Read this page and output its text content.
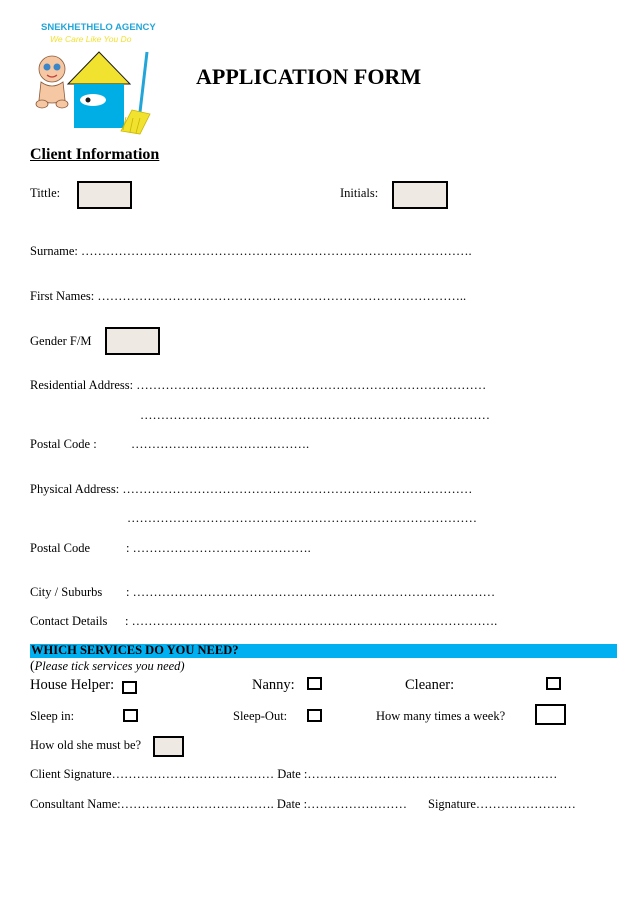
SNEKHETHELO AGENCY
We Care Like You Do
APPLICATION FORM
Client Information
Tittle:	Initials:
Surname: ………………………………………………………………………………….
First Names: ……………………………………………………………………………..
Gender F/M
Residential Address: …………………………………………………………………………
…………………………………………………………………………
Postal Code :           …………………………………….
Physical Address: …………………………………………………………………………
…………………………………………………………………………
Postal Code	: …………………………………….
City / Suburbs : ……………………………………………………………………………
Contact Details : …………………………………………………………………………….
WHICH SERVICES DO YOU NEED?
(Please tick services you need)
House Helper:	Nanny:	Cleaner:
Sleep in:	Sleep-Out:	How many times a week?
How old she must be?
Client Signature………………………………… Date :……………………………………………………
Consultant Name:………………………………. Date :…………………… Signature……………………
